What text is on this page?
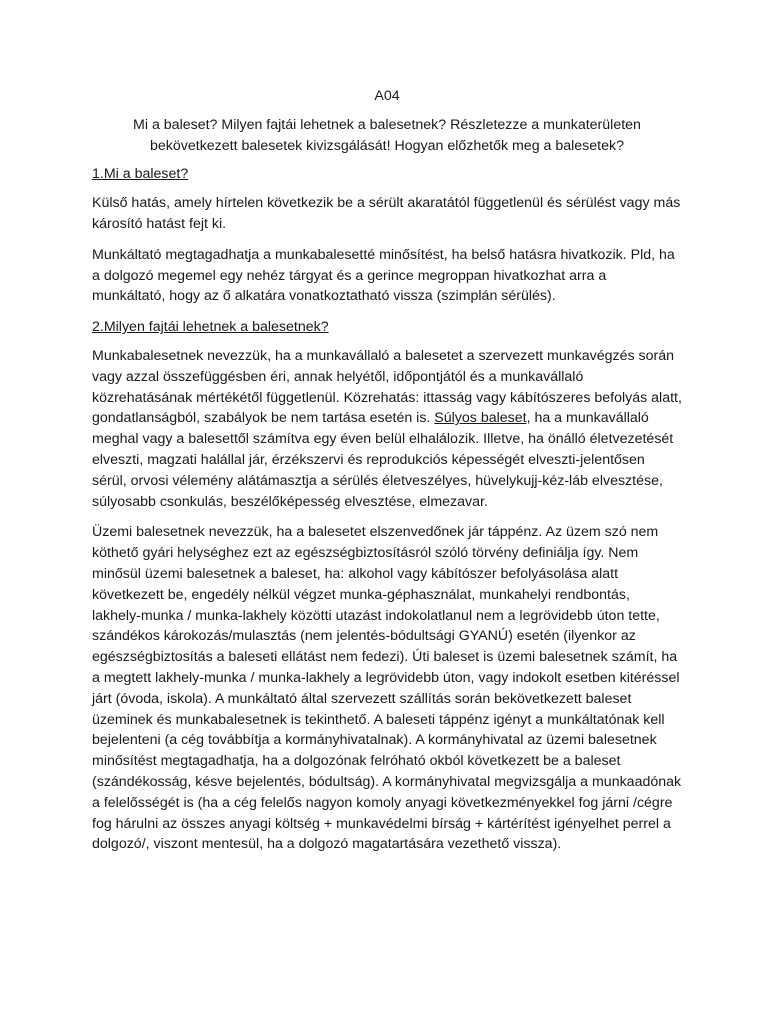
A04
Mi a baleset? Milyen fajtái lehetnek a balesetnek? Részletezze a munkaterületen
bekövetkezett balesetek kivizsgálását! Hogyan előzhetők meg a balesetek?
1.Mi a baleset?

Külső hatás, amely hírtelen következik be a sérült akaratától függetlenül és sérülést vagy más károsító hatást fejt ki.

Munkáltató megtagadhatja a munkabalesetté minősítést, ha belső hatásra hivatkozik. Pld, ha a dolgozó megemel egy nehéz tárgyat és a gerince megroppan hivatkozhat arra a munkáltató, hogy az ő alkatára vonatkoztatható vissza (szimplán sérülés).

2.Milyen fajtái lehetnek a balesetnek?

Munkabalesetnek nevezzük, ha a munkavállaló a balesetet a szervezett munkavégzés során vagy azzal összefüggésben éri, annak helyétől, időpontjától és a munkavállaló közrehatásának mértékétől függetlenül. Közrehatás: ittasság vagy kábítószeres befolyás alatt, gondatlanságból, szabályok be nem tartása esetén is. Súlyos baleset, ha a munkavállaló meghal vagy a balesettől számítva egy éven belül elhalálozik. Illetve, ha önálló életvezetését elveszti, magzati halállal jár, érzékszervi és reprodukciós képességét elveszti-jelentősen sérül, orvosi vélemény alátámasztja a sérülés életveszélyes, hüvelykujj-kéz-láb elvesztése, súlyosabb csonkulás, beszélőképesség elvesztése, elmezavar.

Üzemi balesetnek nevezzük, ha a balesetet elszenvedőnek jár táppénz. Az üzem szó nem köthető gyári helységhez ezt az egészségbiztosításról szóló törvény definiálja így. Nem minősül üzemi balesetnek a baleset, ha: alkohol vagy kábítószer befolyásolása alatt következett be, engedély nélkül végzet munka-géphasználat, munkahelyi rendbontás, lakhely-munka / munka-lakhely közötti utazást indokolatlanul nem a legrövidebb úton tette, szándékos károkozás/mulasztás (nem jelentés-bódultsági GYANÚ) esetén (ilyenkor az egészségbiztosítás a baleseti ellátást nem fedezi). Úti baleset is üzemi balesetnek számít, ha a megtett lakhely-munka / munka-lakhely a legrövidebb úton, vagy indokolt esetben kitéréssel járt (óvoda, iskola). A munkáltató által szervezett szállítás során bekövetkezett baleset üzeminek és munkabalesetnek is tekinthető. A baleseti táppénz igényt a munkáltatónak kell bejelenteni (a cég továbbítja a kormányhivatalnak). A kormányhivatal az üzemi balesetnek minősítést megtagadhatja, ha a dolgozónak felróható okból következett be a baleset (szándékosság, késve bejelentés, bódultság). A kormányhivatal megvizsgálja a munkaadónak a felelősségét is (ha a cég felelős nagyon komoly anyagi következményekkel fog járni /cégre fog hárulni az összes anyagi költség + munkavédelmi bírság + kártérítést igényelhet perrel a dolgozó/, viszont mentesül, ha a dolgozó magatartására vezethető vissza).
